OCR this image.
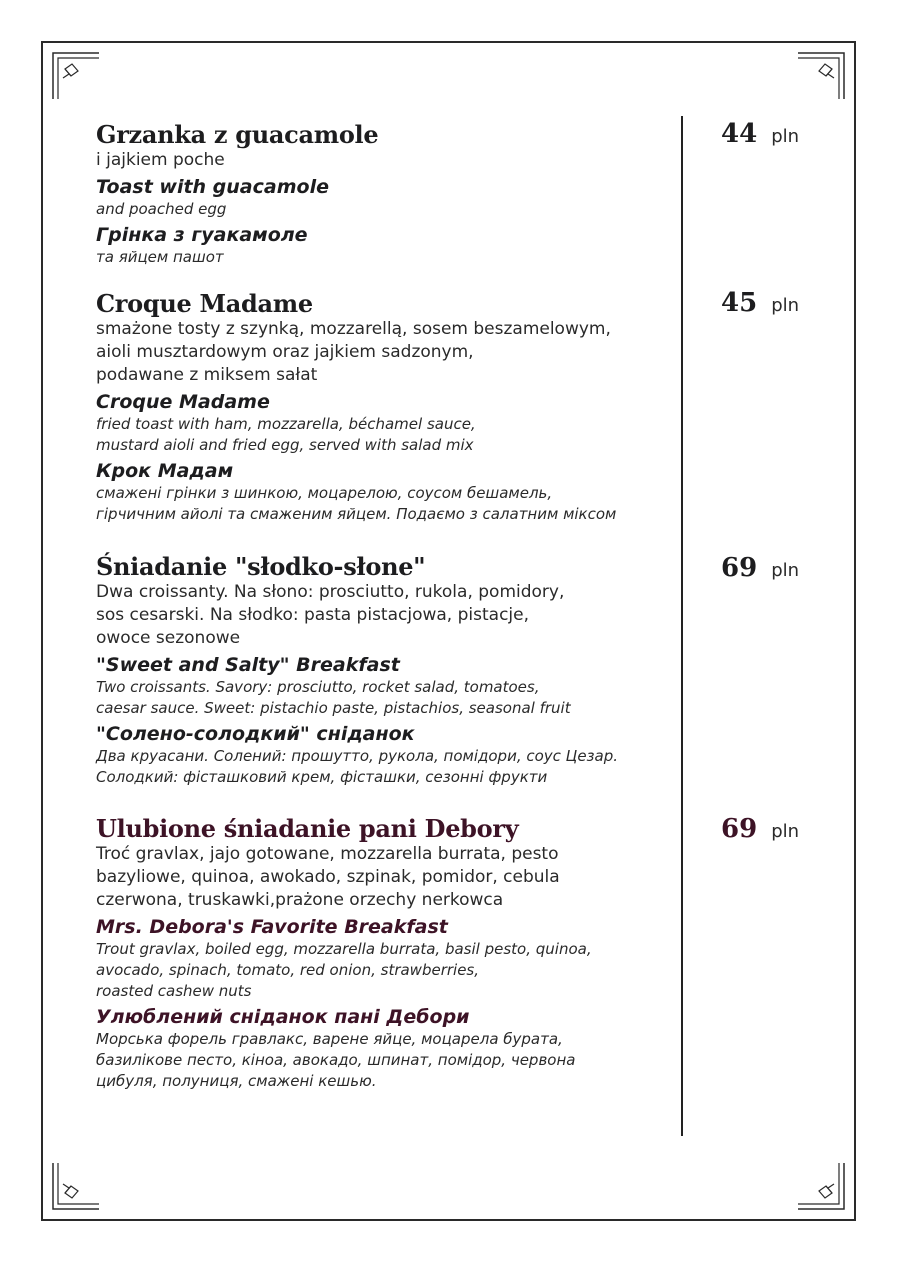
Grzanka z guacamole

i jajkiem poche

Toast with guacamole

and poached egg

Грінка з гуакамоле

та яйцем пашот

44 pln
Croque Madame

smażone tosty z szynką, mozzarellą, sosem beszamelowym,
aioli musztardowym oraz jajkiem sadzonym,
podawane z miksem sałat

Croque Madame

fried toast with ham, mozzarella, béchamel sauce,
mustard aioli and fried egg, served with salad mix

Крок Мадам

смажені грінки з шинкою, моцарелою, соусом бешамель,
гірчичним айолі та смаженим яйцем. Подаємо з салатним міксом

45 pln
Śniadanie "słodko-słone"

Dwa croissanty. Na słono: prosciutto, rukola, pomidory,
sos cesarski. Na słodko: pasta pistacjowa, pistacje,
owoce sezonowe

"Sweet and Salty" Breakfast

Two croissants. Savory: prosciutto, rocket salad, tomatoes,
caesar sauce. Sweet: pistachio paste, pistachios, seasonal fruit

"Солено-солодкий" сніданок

Два круасани. Солений: прошутто, рукола, помідори, соус Цезар.
Солодкий: фісташковий крем, фісташки, сезонні фрукти

69 pln
Ulubione śniadanie pani Debory

Troć gravlax, jajo gotowane, mozzarella burrata, pesto
bazyliowe, quinoa, awokado, szpinak, pomidor, cebula
czerwona, truskawki,prażone orzechy nerkowca

Mrs. Debora's Favorite Breakfast

Trout gravlax, boiled egg, mozzarella burrata, basil pesto, quinoa,
avocado, spinach, tomato, red onion, strawberries,
roasted cashew nuts

Улюблений сніданок пані Дебори

Морська форель гравлакс, варене яйце, моцарела бурата,
базилікове песто, кіноа, авокадо, шпинат, помідор, червона
цибуля, полуниця, смажені кешью.

69 pln
